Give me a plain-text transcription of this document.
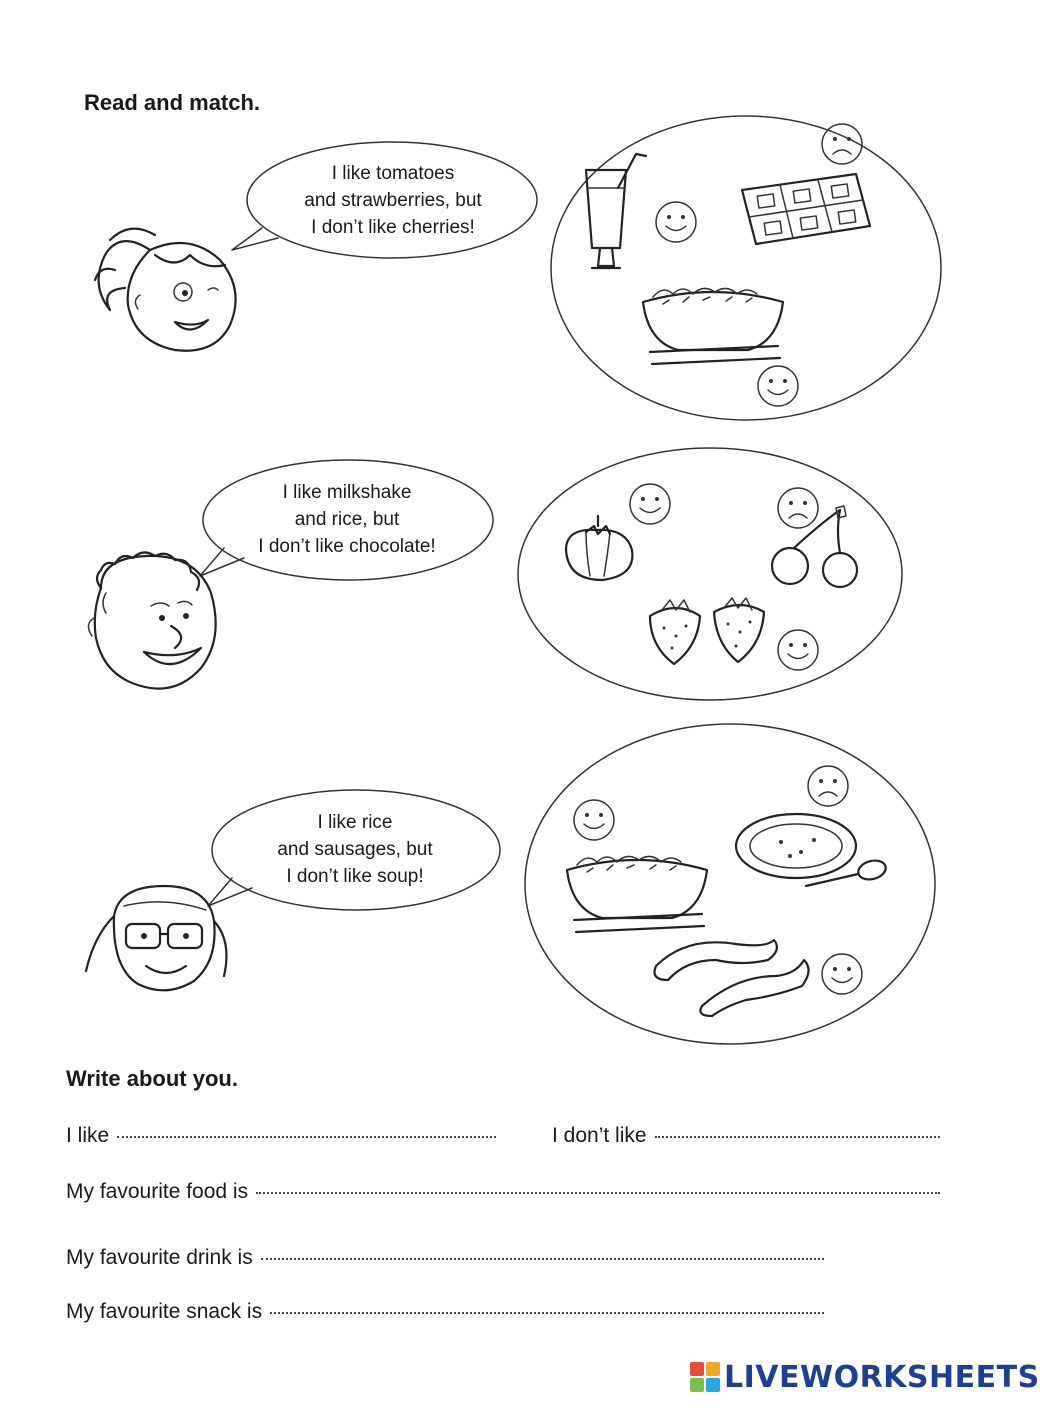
Read and match.
I like tomatoes
and strawberries, but
I don’t like cherries!
I like milkshake
and rice, but
I don’t like chocolate!
I like rice
and sausages, but
I don’t like soup!
Write about you.
I like	I don’t like
My favourite food is
My favourite drink is
My favourite snack is
LIVEWORKSHEETS
